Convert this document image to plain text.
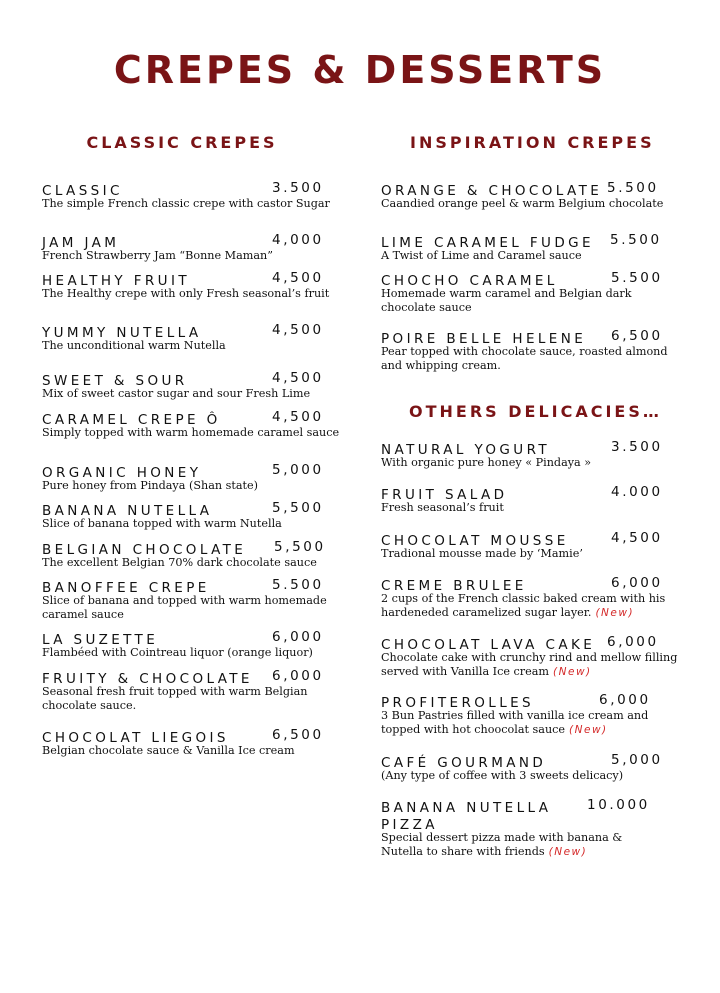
CREPES & DESSERTS
CLASSIC CREPES
CLASSIC	3.500

The simple French classic crepe with castor Sugar

JAM JAM	4,000

French Strawberry Jam “Bonne Maman”

HEALTHY FRUIT	4,500

The Healthy crepe with only Fresh seasonal’s fruit

YUMMY NUTELLA	4,500

The unconditional warm Nutella

SWEET & SOUR	4,500

Mix of sweet castor sugar and sour Fresh Lime

CARAMEL CREPE Ô	4,500

Simply topped with warm homemade caramel sauce

ORGANIC HONEY	5,000

Pure honey from Pindaya (Shan state)

BANANA NUTELLA	5,500

Slice of banana topped with warm Nutella

BELGIAN CHOCOLATE 5,500

The excellent Belgian 70% dark chocolate sauce

BANOFFEE CREPE	5.500

Slice of banana and topped with warm homemade caramel sauce

LA SUZETTE	6,000

Flambéed with Cointreau liquor (orange liquor)

FRUITY & CHOCOLATE 6,000

Seasonal fresh fruit topped with warm Belgian chocolate sauce.

CHOCOLAT LIEGOIS	6,500

Belgian chocolate sauce & Vanilla Ice cream

INSPIRATION CREPES
ORANGE & CHOCOLATE 5.500

Caandied orange peel & warm Belgium chocolate

LIME CARAMEL FUDGE 5.500

A Twist of Lime and Caramel sauce

CHOCHO CARAMEL	5.500

Homemade warm caramel and Belgian dark chocolate sauce

POIRE BELLE HELENE 6,500

Pear topped with chocolate sauce, roasted almond and whipping cream.

OTHERS DELICACIES…
NATURAL YOGURT	3.500

With organic pure honey « Pindaya »

FRUIT SALAD	4.000

Fresh seasonal’s fruit

CHOCOLAT MOUSSE	4,500

Tradional mousse made by ‘Mamie’

CREME BRULEE	6,000

2 cups of the French classic baked cream with his hardeneded caramelized sugar layer. (New)

CHOCOLAT LAVA CAKE 6,000

Chocolate cake with crunchy rind and mellow filling served with Vanilla Ice cream (New)

PROFITEROLLES	6,000

3 Bun Pastries filled with vanilla ice cream and topped with hot choocolat sauce (New)

CAFÉ GOURMAND	5,000

(Any type of coffee with 3 sweets delicacy)

BANANA NUTELLA	10.000
PIZZA

Special dessert pizza made with banana & Nutella to share with friends (New)
